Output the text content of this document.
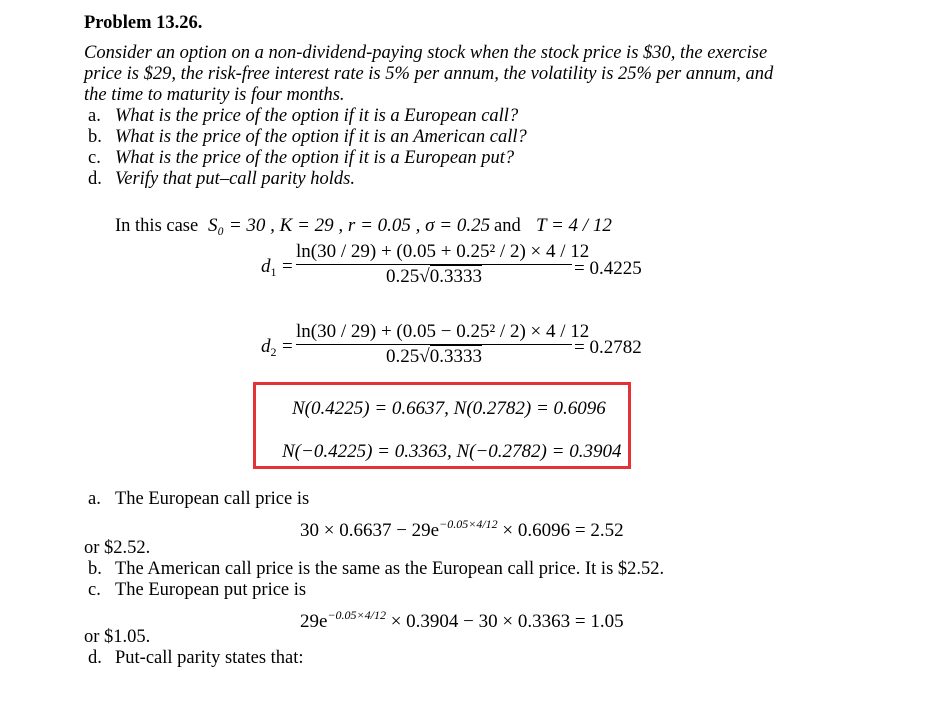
Problem 13.26.
Consider an option on a non-dividend-paying stock when the stock price is $30, the exercise
price is $29, the risk-free interest rate is 5% per annum, the volatility is 25% per annum, and
the time to maturity is four months.
a. What is the price of the option if it is a European call?
b. What is the price of the option if it is an American call?
c. What is the price of the option if it is a European put?
d. Verify that put–call parity holds.
In this case S₀ = 30 , K = 29 , r = 0.05 , σ = 0.25 and T = 4 / 12
$d_1$ =
ln(30 / 29) + (0.05 + 0.25² / 2) × 4 / 12
0.25√0.3333	= 0.4225
$d_2$ =
ln(30 / 29) + (0.05 − 0.25² / 2) × 4 / 12
0.25√0.3333	= 0.2782
N(0.4225) = 0.6637, N(0.2782) = 0.6096
N(−0.4225) = 0.3363, N(−0.2782) = 0.3904
a. The European call price is
$30 \times 0.6637 - 29e^{-0.05\times 4/12} \times 0.6096 = 2.52$
or $2.52.
b. The American call price is the same as the European call price. It is $2.52.
c. The European put price is
$29e^{-0.05\times 4/12} \times 0.3904 - 30 \times 0.3363 = 1.05$
or $1.05.
d. Put-call parity states that:
